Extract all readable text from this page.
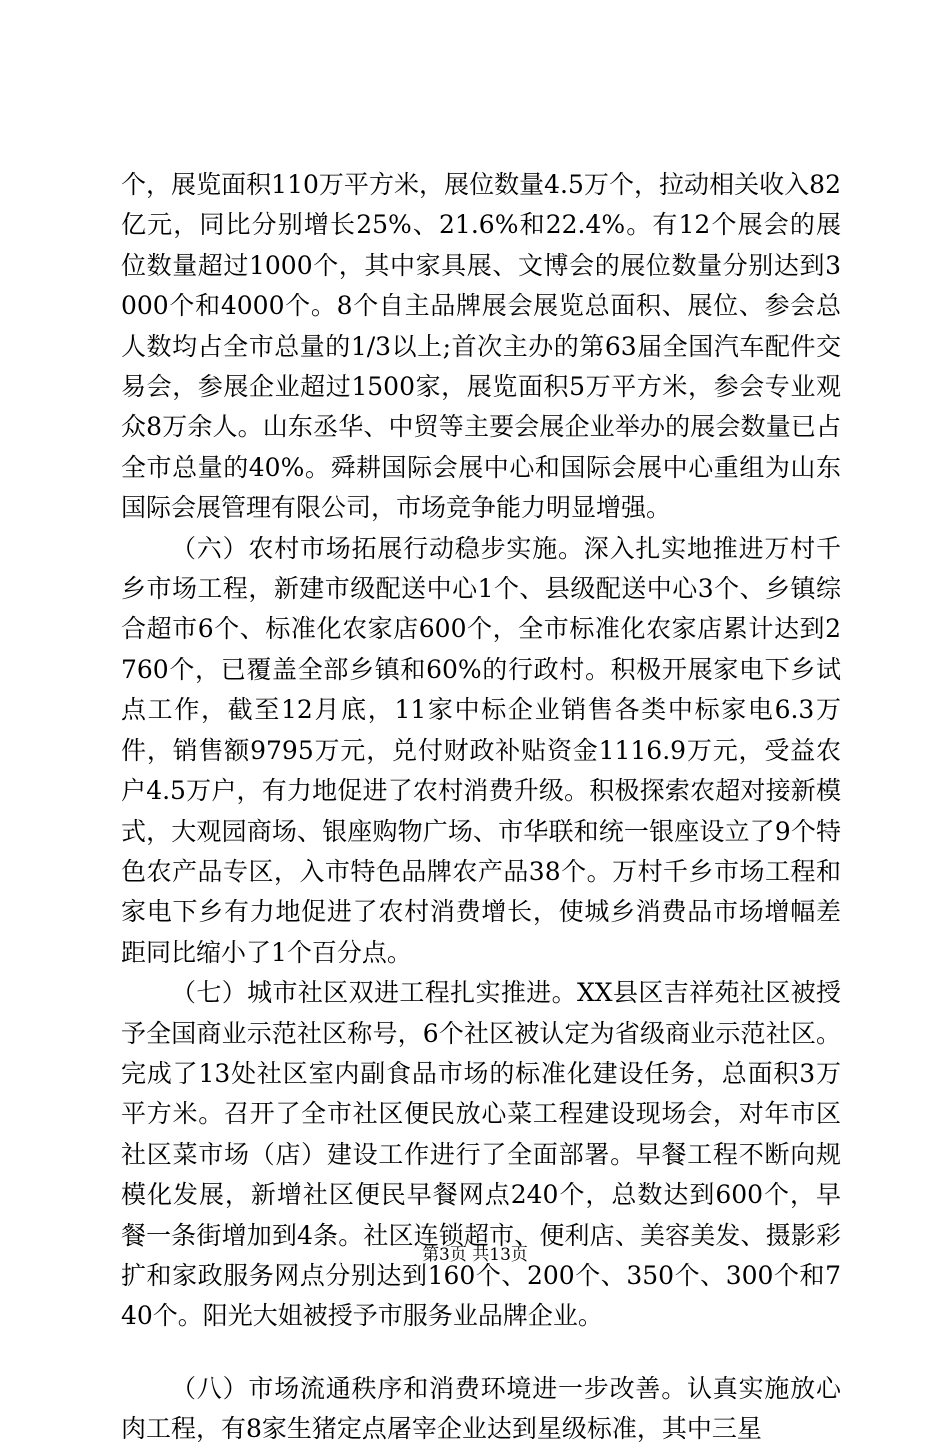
个，展览面积110万平方米，展位数量4.5万个，拉动相关收入82亿元，同比分别增长25%、21.6%和22.4%。有12个展会的展位数量超过1000个，其中家具展、文博会的展位数量分别达到3000个和4000个。8个自主品牌展会展览总面积、展位、参会总人数均占全市总量的1/3以上;首次主办的第63届全国汽车配件交易会，参展企业超过1500家，展览面积5万平方米，参会专业观众8万余人。山东丞华、中贸等主要会展企业举办的展会数量已占全市总量的40%。舜耕国际会展中心和国际会展中心重组为山东国际会展管理有限公司，市场竞争能力明显增强。

（六）农村市场拓展行动稳步实施。深入扎实地推进万村千乡市场工程，新建市级配送中心1个、县级配送中心3个、乡镇综合超市6个、标准化农家店600个，全市标准化农家店累计达到2760个，已覆盖全部乡镇和60%的行政村。积极开展家电下乡试点工作，截至12月底，11家中标企业销售各类中标家电6.3万件，销售额9795万元，兑付财政补贴资金1116.9万元，受益农户4.5万户，有力地促进了农村消费升级。积极探索农超对接新模式，大观园商场、银座购物广场、市华联和统一银座设立了9个特色农产品专区，入市特色品牌农产品38个。万村千乡市场工程和家电下乡有力地促进了农村消费增长，使城乡消费品市场增幅差距同比缩小了1个百分点。

（七）城市社区双进工程扎实推进。XX县区吉祥苑社区被授予全国商业示范社区称号，6个社区被认定为省级商业示范社区。完成了13处社区室内副食品市场的标准化建设任务，总面积3万平方米。召开了全市社区便民放心菜工程建设现场会，对年市区社区菜市场（店）建设工作进行了全面部署。早餐工程不断向规模化发展，新增社区便民早餐网点240个，总数达到600个，早餐一条街增加到4条。社区连锁超市、便利店、美容美发、摄影彩扩和家政服务网点分别达到160个、200个、350个、300个和740个。阳光大姐被授予市服务业品牌企业。

（八）市场流通秩序和消费环境进一步改善。认真实施放心肉工程，有8家生猪定点屠宰企业达到星级标准，其中三星

第3页 共13页
